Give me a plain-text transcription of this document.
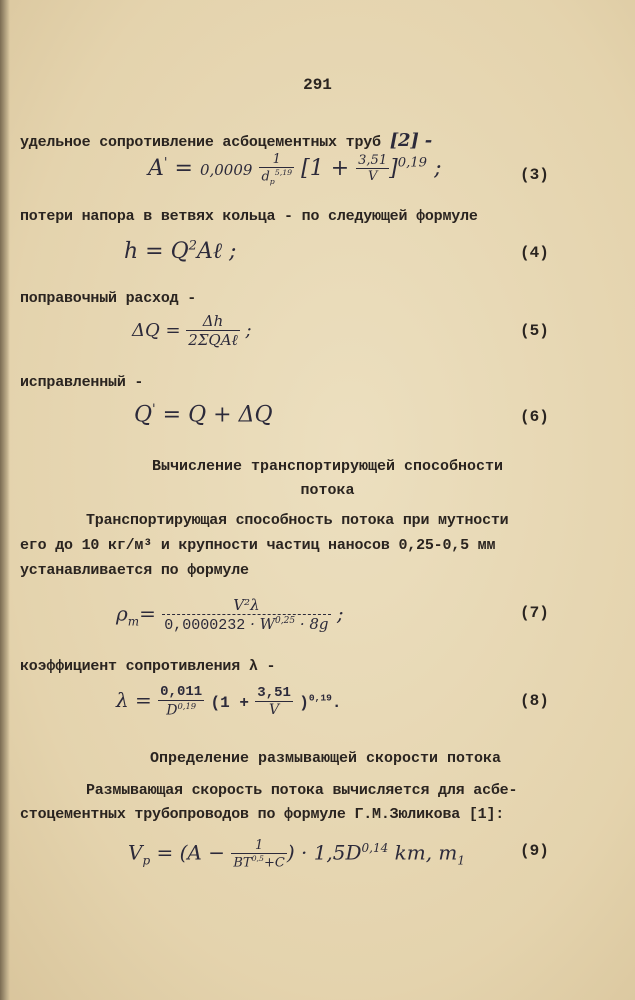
291
удельное сопротивление асбоцементных труб [2] -
$A' = 0,0009 \frac{1}{d_p^{5,19}} [1 + \frac{3,51}{V} ]^{0,19}$ ;	(3)
потери напора в ветвях кольца - по следующей формуле
$h = Q^2A\ell$ ;	(4)
поправочный расход -
$\Delta Q = \frac{\Delta h}{\text{2ΣQAℓ}}$ ;	(5)
исправленный -
Q' = Q + ΔQ	(6)
Вычисление транспортирующей способности
потока
Транспортирующая способность потока при мутности
его до 10 кг/м³ и крупности частиц наносов 0,25-0,5 мм
устанавливается по формуле
$\rho_т= \frac{\text{V²λ}}{0,0000232 \cdot W^{0,25} \cdot 8g}$ ;	(7)
коэффициент сопротивления λ -
$\lambda = \frac{0,011}{D^{0,19}} (1 + \frac{3,51}{V} )^{0,19}$.	(8)
Определение размывающей скорости потока
Размывающая скорость потока вычисляется для асбе-
стоцементных трубопроводов по формуле Г.М.Зюликова [1]:
$V_p = (A - \frac{1}{BT^{0,5}+C}$ ) · $1,5D^{0,14}$ km, $m_1$
(9)
